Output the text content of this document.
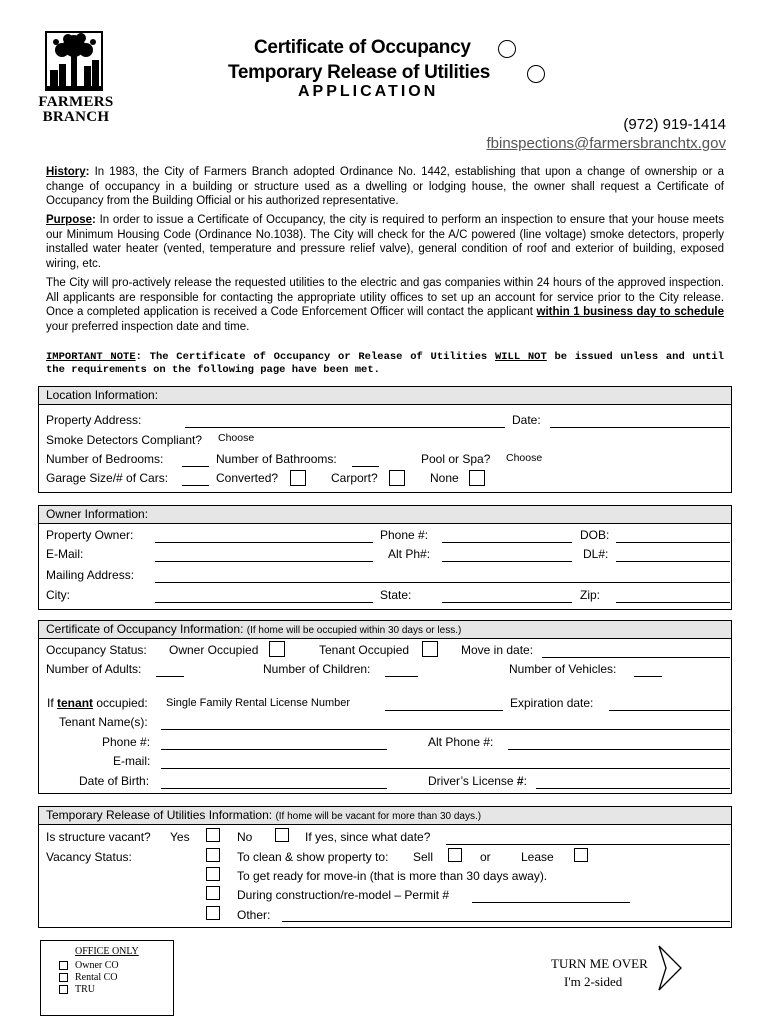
FARMERS
BRANCH
Certificate of Occupancy
Temporary Release of Utilities
APPLICATION
(972) 919-1414
fbinspections@farmersbranchtx.gov
History: In 1983, the City of Farmers Branch adopted Ordinance No. 1442, establishing that upon a change of ownership or a change of occupancy in a building or structure used as a dwelling or lodging house, the owner shall request a Certificate of Occupancy from the Building Official or his authorized representative.
Purpose: In order to issue a Certificate of Occupancy, the city is required to perform an inspection to ensure that your house meets our Minimum Housing Code (Ordinance No.1038). The City will check for the A/C powered (line voltage) smoke detectors, properly installed water heater (vented, temperature and pressure relief valve), general condition of roof and exterior of building, exposed wiring, etc.
The City will pro-actively release the requested utilities to the electric and gas companies within 24 hours of the approved inspection. All applicants are responsible for contacting the appropriate utility offices to set up an account for service prior to the City release. Once a completed application is received a Code Enforcement Officer will contact the applicant within 1 business day to schedule your preferred inspection date and time.
IMPORTANT NOTE: The Certificate of Occupancy or Release of Utilities WILL NOT be issued unless and until the requirements on the following page have been met.
Location Information:
Property Address:	Date:
Smoke Detectors Compliant? Choose
Number of Bedrooms:	Number of Bathrooms:	Pool or Spa? Choose
Garage Size/# of Cars:	Converted?	Carport?	None
Owner Information:
Property Owner:	Phone #:	DOB:
E-Mail:	Alt Ph#:	DL#:
Mailing Address:
City:	State:	Zip:
Certificate of Occupancy Information: (If home will be occupied within 30 days or less.)
Occupancy Status: Owner Occupied	Tenant Occupied	Move in date:
Number of Adults:	Number of Children:	Number of Vehicles:
If tenant occupied: Single Family Rental License Number	Expiration date:
Tenant Name(s):
Phone #:	Alt Phone #:
E-mail:
Date of Birth:	Driver’s License #:
Temporary Release of Utilities Information: (If home will be vacant for more than 30 days.)
Is structure vacant? Yes	No	If yes, since what date?
Vacancy Status:	To clean & show property to: Sell	or	Lease
To get ready for move-in (that is more than 30 days away).
During construction/re-model – Permit #
Other:
OFFICE ONLY
Owner CO
Rental CO
TRU
TURN ME OVER
I'm 2-sided
